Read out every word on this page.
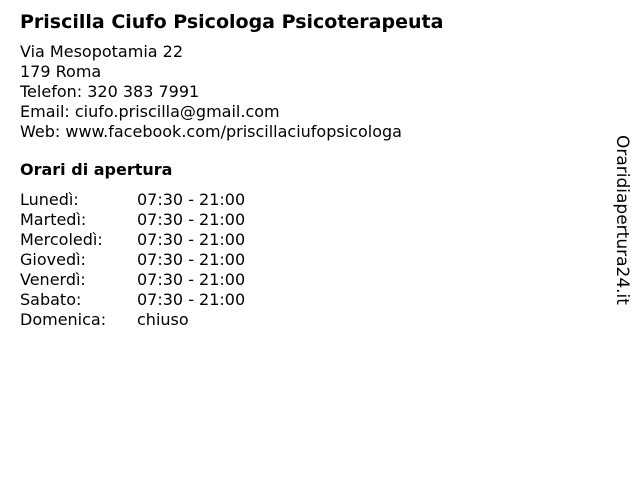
Priscilla Ciufo Psicologa Psicoterapeuta
Via Mesopotamia 22
179 Roma
Telefon: 320 383 7991
Email: ciufo.priscilla@gmail.com
Web: www.facebook.com/priscillaciufopsicologa
Orari di apertura
Lunedì:	07:30 - 21:00
Martedì:	07:30 - 21:00
Mercoledì:	07:30 - 21:00
Giovedì:	07:30 - 21:00
Venerdì:	07:30 - 21:00
Sabato:	07:30 - 21:00
Domenica:	chiuso
Oraridiapertura24.it
